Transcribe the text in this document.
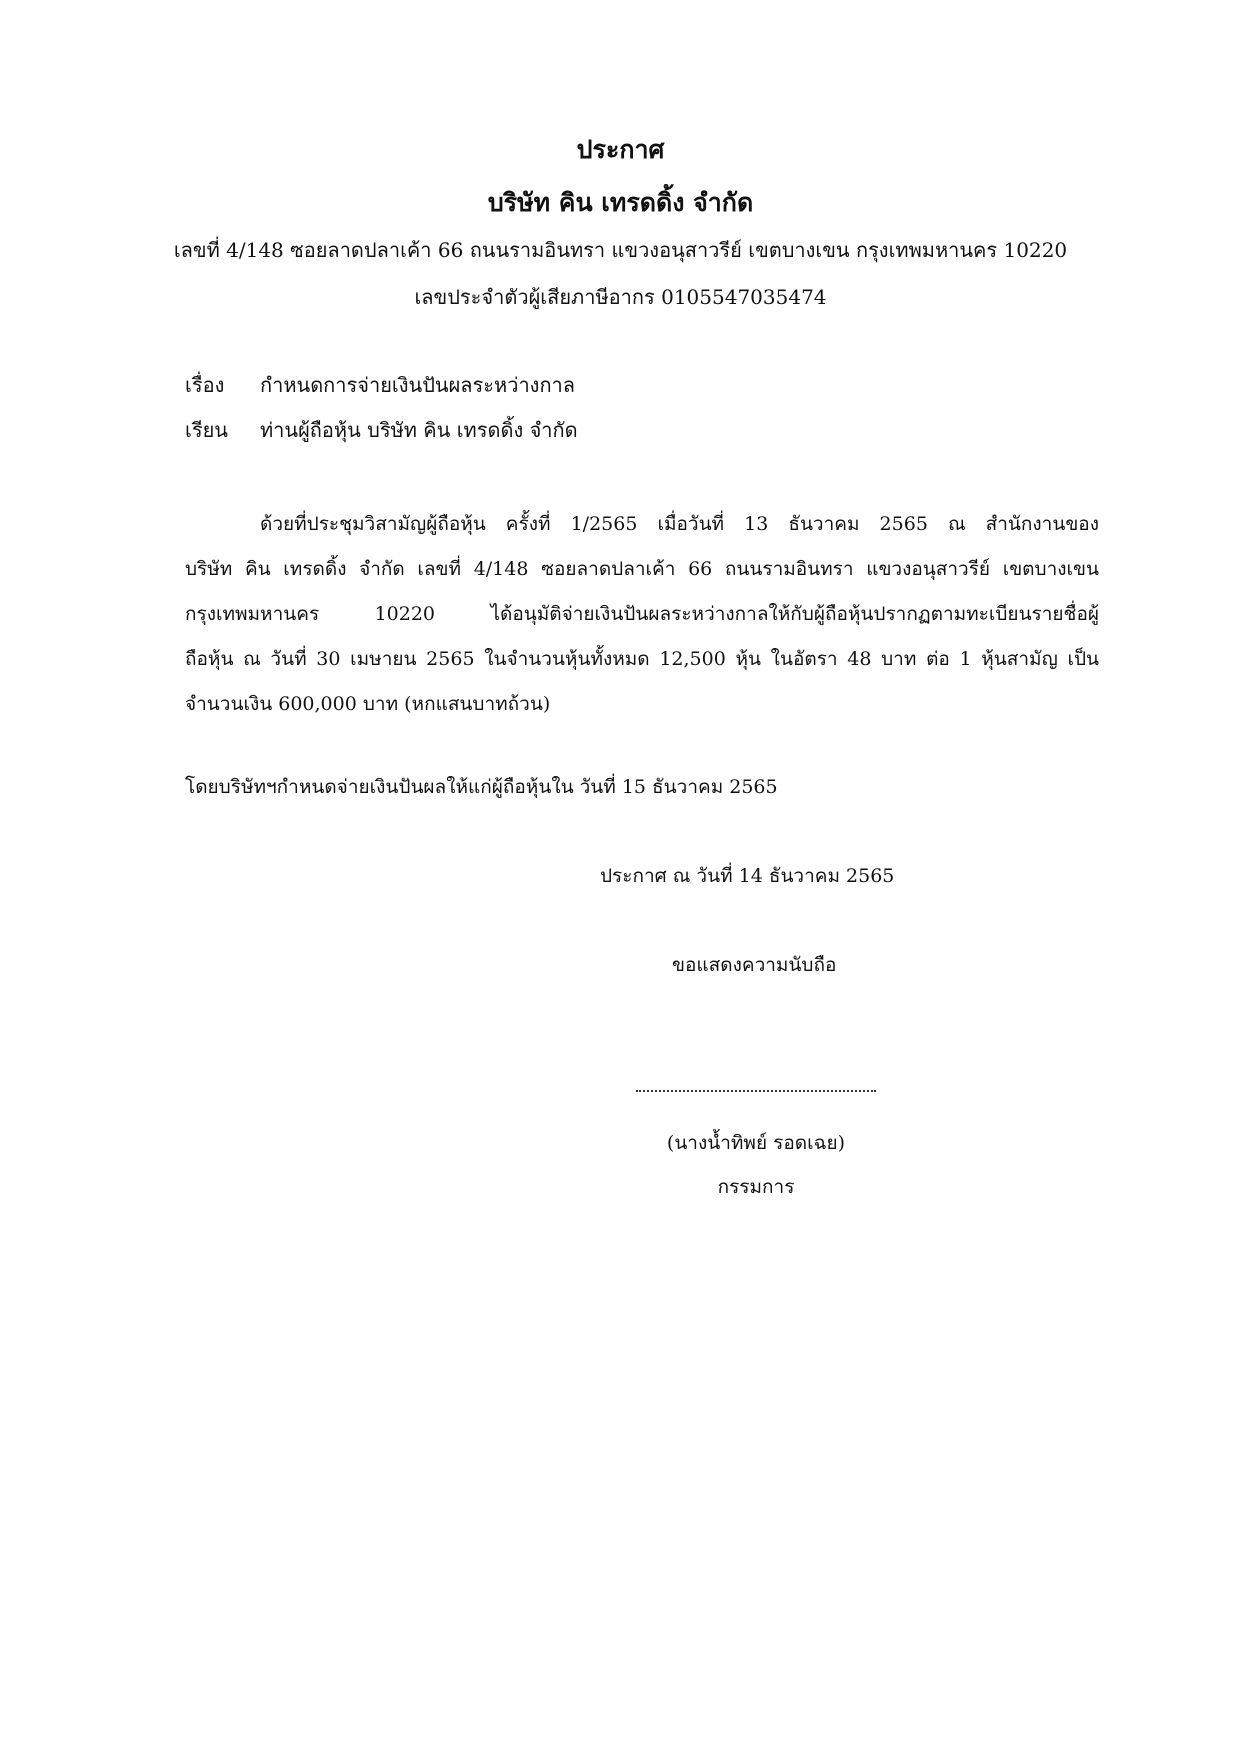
ประกาศ
บริษัท คิน เทรดดิ้ง จำกัด
เลขที่ 4/148 ซอยลาดปลาเค้า 66 ถนนรามอินทรา แขวงอนุสาวรีย์ เขตบางเขน กรุงเทพมหานคร 10220
เลขประจำตัวผู้เสียภาษีอากร 0105547035474
เรื่อง กำหนดการจ่ายเงินปันผลระหว่างกาล
เรียน ท่านผู้ถือหุ้น บริษัท คิน เทรดดิ้ง จำกัด
ด้วยที่ประชุมวิสามัญผู้ถือหุ้น ครั้งที่ 1/2565 เมื่อวันที่ 13 ธันวาคม 2565 ณ สำนักงานของ
บริษัท คิน เทรดดิ้ง จำกัด เลขที่ 4/148 ซอยลาดปลาเค้า 66 ถนนรามอินทรา แขวงอนุสาวรีย์ เขตบางเขน
กรุงเทพมหานคร 10220 ได้อนุมัติจ่ายเงินปันผลระหว่างกาลให้กับผู้ถือหุ้นปรากฏตามทะเบียนรายชื่อผู้
ถือหุ้น ณ วันที่ 30 เมษายน 2565 ในจำนวนหุ้นทั้งหมด 12,500 หุ้น ในอัตรา 48 บาท ต่อ 1 หุ้นสามัญ เป็น
จำนวนเงิน 600,000 บาท (หกแสนบาทถ้วน)
โดยบริษัทฯกำหนดจ่ายเงินปันผลให้แก่ผู้ถือหุ้นใน วันที่ 15 ธันวาคม 2565
ประกาศ ณ วันที่ 14 ธันวาคม 2565
ขอแสดงความนับถือ
(นางน้ำทิพย์ รอดเฉย)
กรรมการ
